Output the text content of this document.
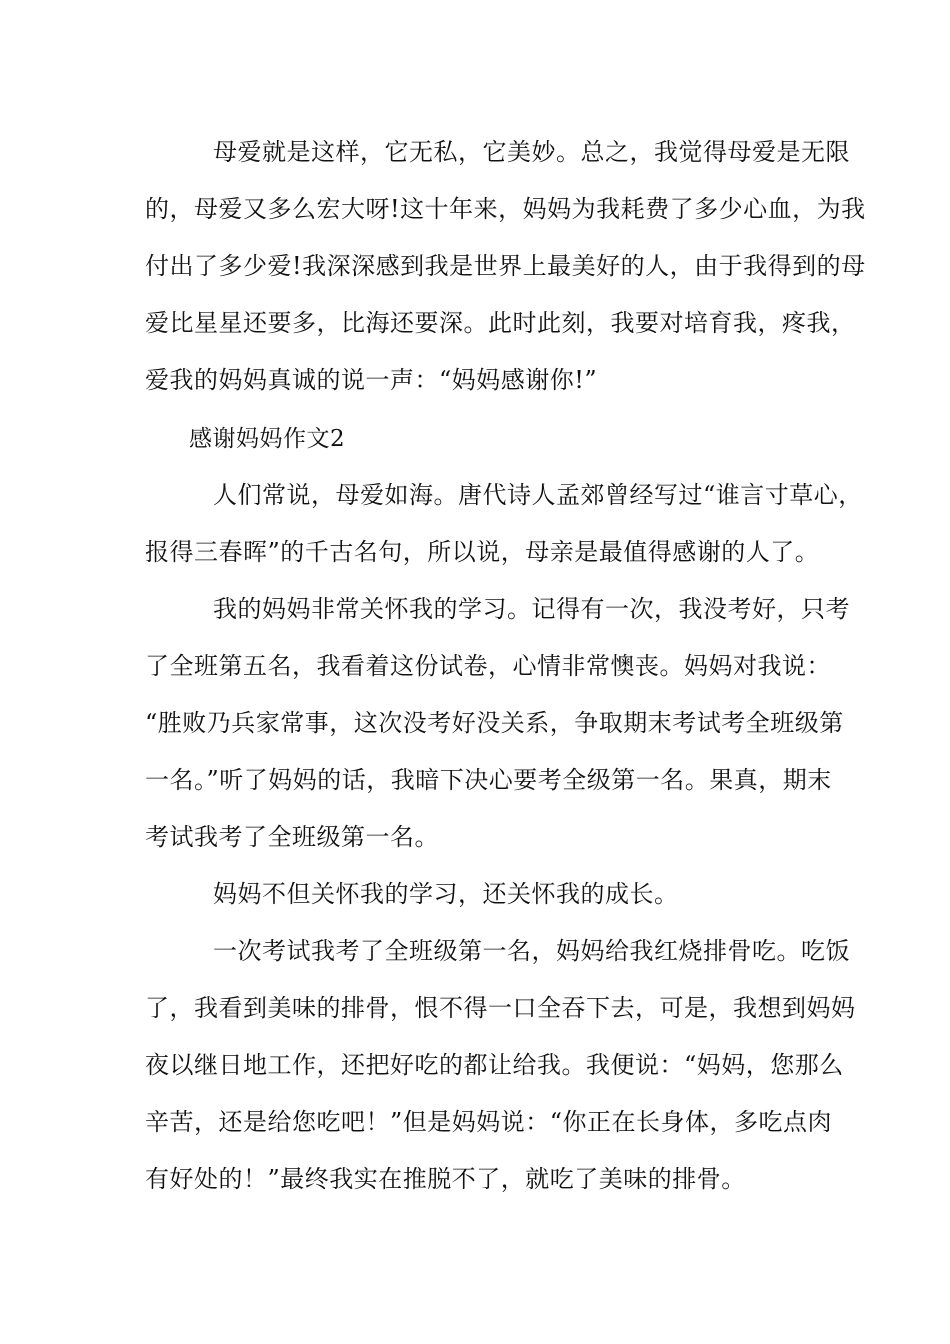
母爱就是这样，它无私，它美妙。总之，我觉得母爱是无限
的，母爱又多么宏大呀!这十年来，妈妈为我耗费了多少心血，为我
付出了多少爱!我深深感到我是世界上最美好的人，由于我得到的母
爱比星星还要多，比海还要深。此时此刻，我要对培育我，疼我，
爱我的妈妈真诚的说一声：“妈妈感谢你!”
感谢妈妈作文2
人们常说，母爱如海。唐代诗人孟郊曾经写过“谁言寸草心，
报得三春晖”的千古名句，所以说，母亲是最值得感谢的人了。
我的妈妈非常关怀我的学习。记得有一次，我没考好，只考
了全班第五名，我看着这份试卷，心情非常懊丧。妈妈对我说：
“胜败乃兵家常事，这次没考好没关系，争取期末考试考全班级第
一名。”听了妈妈的话，我暗下决心要考全级第一名。果真，期末
考试我考了全班级第一名。
妈妈不但关怀我的学习，还关怀我的成长。
一次考试我考了全班级第一名，妈妈给我红烧排骨吃。吃饭
了，我看到美味的排骨，恨不得一口全吞下去，可是，我想到妈妈
夜以继日地工作，还把好吃的都让给我。我便说：“妈妈，您那么
辛苦，还是给您吃吧！”但是妈妈说：“你正在长身体，多吃点肉
有好处的！”最终我实在推脱不了，就吃了美味的排骨。
